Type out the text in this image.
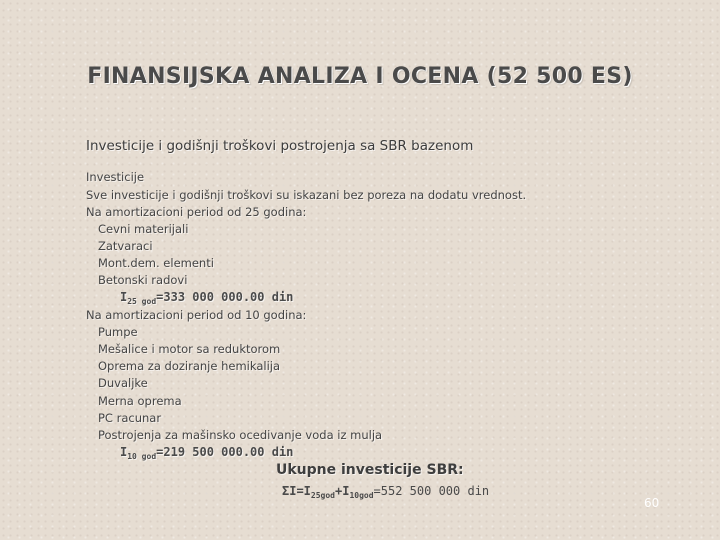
FINANSIJSKA ANALIZA I OCENA (52 500 ES)
Investicije i godišnji troškovi postrojenja sa SBR bazenom
Investicije
Sve investicije i godišnji troškovi su iskazani bez poreza na dodatu vrednost.
Na amortizacioni period od 25 godina:
Cevni materijali
Zatvaraci
Mont.dem. elementi
Betonski radovi
$I_{25 god}=333$ 000 000.00 din
Na amortizacioni period od 10 godina:
Pumpe
Mešalice i motor sa reduktorom
Oprema za doziranje hemikalija
Duvaljke
Merna oprema
PC racunar
Postrojenja za mašinsko ocedivanje voda iz mulja
$I_{10 god}=219$ 500 000.00 din
Ukupne investicije SBR:
$\Sigma I=I_{25god}+I_{10god}=552$ 500 000 din
60
